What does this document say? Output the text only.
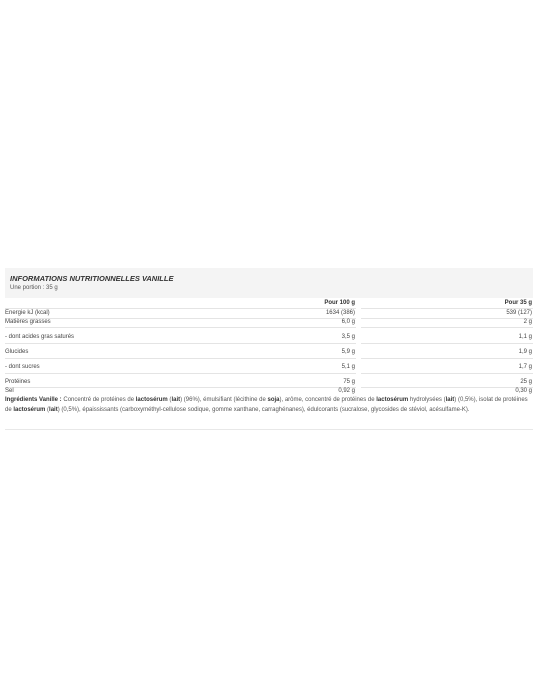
INFORMATIONS NUTRITIONNELLES VANILLE
Une portion : 35 g
Pour 100 g	Pour 35 g
Energie kJ (kcal)	1634 (386)	539 (127)
Matières grasses	6,0 g	2 g
- dont acides gras saturés	3,5 g	1,1 g
Glucides	5,9 g	1,9 g
- dont sucres	5,1 g	1,7 g
Protéines	75 g	25 g
Sel	0,92 g	0,30 g
Ingrédients Vanille : Concentré de protéines de lactosérum (lait) (96%), émulsifiant (lécithine de soja), arôme, concentré de protéines de lactosérum hydrolysées (lait) (0,5%), isolat de protéines de lactosérum (lait) (0,5%), épaississants (carboxyméthyl-cellulose sodique, gomme xanthane, carraghénanes), édulcorants (sucralose, glycosides de stéviol, acésulfame-K).
